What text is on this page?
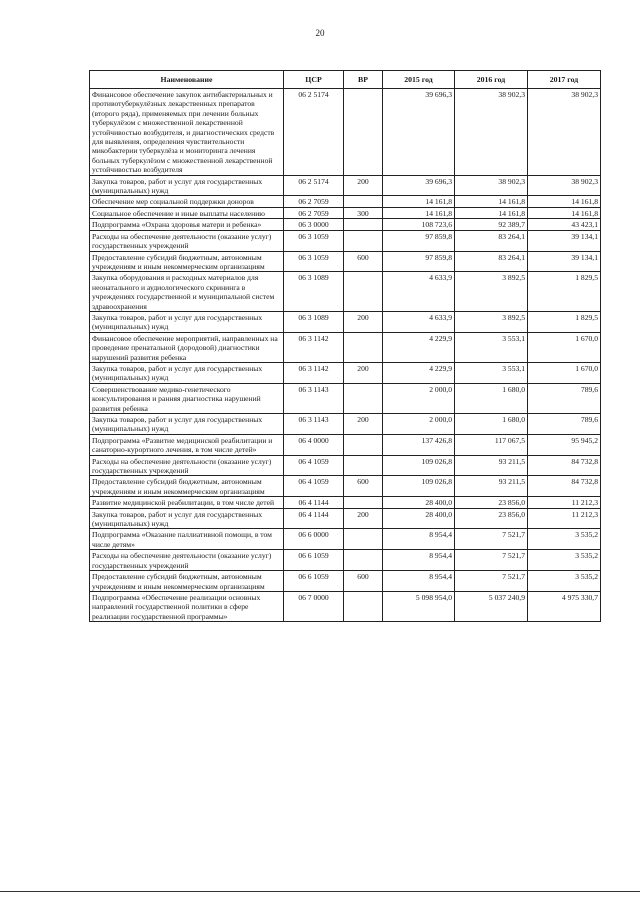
20
Наименование	ЦСР	ВР	2015 год	2016 год	2017 год
Финансовое обеспечение закупок антибактериальных и противотуберкулёзных лекарственных препаратов (второго ряда), применяемых при лечении больных туберкулёзом с множественной лекарственной устойчивостью возбудителя, и диагностических средств для выявления, определения чувствительности микобактерии туберкулёза и мониторинга лечения больных туберкулёзом с множественной лекарственной устойчивостью возбудителя	06 2 5174		39 696,3	38 902,3	38 902,3
Закупка товаров, работ и услуг для государственных (муниципальных) нужд	06 2 5174	200	39 696,3	38 902,3	38 902,3
Обеспечение мер социальной поддержки доноров	06 2 7059		14 161,8	14 161,8	14 161,8
Социальное обеспечение и иные выплаты населению	06 2 7059	300	14 161,8	14 161,8	14 161,8
Подпрограмма «Охрана здоровья матери и ребенка»	06 3 0000		108 723,6	92 389,7	43 423,1
Расходы на обеспечение деятельности (оказание услуг) государственных учреждений	06 3 1059		97 859,8	83 264,1	39 134,1
Предоставление субсидий бюджетным, автономным учреждениям и иным некоммерческим организациям	06 3 1059	600	97 859,8	83 264,1	39 134,1
Закупка оборудования и расходных материалов для неонатального и аудиологического скрининга в учреждениях государственной и муниципальной систем здравоохранения	06 3 1089		4 633,9	3 892,5	1 829,5
Закупка товаров, работ и услуг для государственных (муниципальных) нужд	06 3 1089	200	4 633,9	3 892,5	1 829,5
Финансовое обеспечение мероприятий, направленных на проведение пренатальной (дородовой) диагностики нарушений развития ребенка	06 3 1142		4 229,9	3 553,1	1 670,0
Закупка товаров, работ и услуг для государственных (муниципальных) нужд	06 3 1142	200	4 229,9	3 553,1	1 670,0
Совершенствование медико-генетического консультирования и ранняя диагностика нарушений развития ребенка	06 3 1143		2 000,0	1 680,0	789,6
Закупка товаров, работ и услуг для государственных (муниципальных) нужд	06 3 1143	200	2 000,0	1 680,0	789,6
Подпрограмма «Развитие медицинской реабилитации и санаторно-курортного лечения, в том числе детей»	06 4 0000		137 426,8	117 067,5	95 945,2
Расходы на обеспечение деятельности (оказание услуг) государственных учреждений	06 4 1059		109 026,8	93 211,5	84 732,8
Предоставление субсидий бюджетным, автономным учреждениям и иным некоммерческим организациям	06 4 1059	600	109 026,8	93 211,5	84 732,8
Развитие медицинской реабилитации, в том числе детей	06 4 1144		28 400,0	23 856,0	11 212,3
Закупка товаров, работ и услуг для государственных (муниципальных) нужд	06 4 1144	200	28 400,0	23 856,0	11 212,3
Подпрограмма «Оказание паллиативной помощи, в том числе детям»	06 6 0000		8 954,4	7 521,7	3 535,2
Расходы на обеспечение деятельности (оказание услуг) государственных учреждений	06 6 1059		8 954,4	7 521,7	3 535,2
Предоставление субсидий бюджетным, автономным учреждениям и иным некоммерческим организациям	06 6 1059	600	8 954,4	7 521,7	3 535,2
Подпрограмма «Обеспечение реализации основных направлений государственной политики в сфере реализации государственной программы»	06 7 0000		5 098 954,0	5 037 240,9	4 975 330,7
